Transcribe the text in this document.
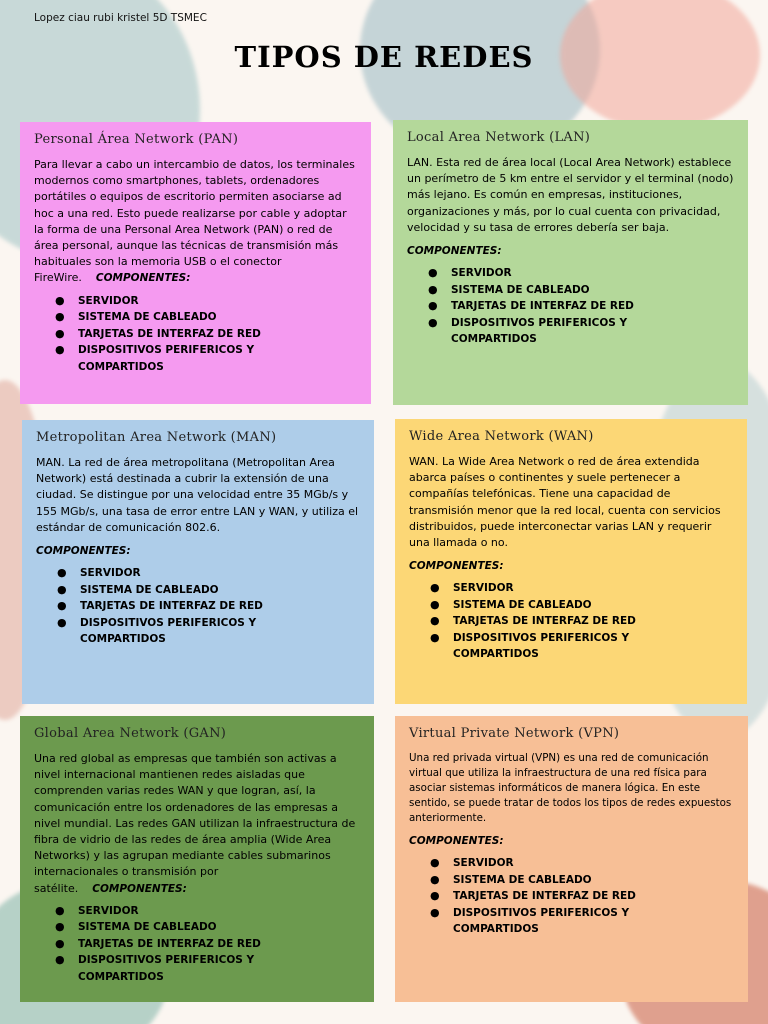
Lopez ciau rubi kristel 5D TSMEC
TIPOS DE REDES
Personal Área Network (PAN)

Para llevar a cabo un intercambio de datos, los terminales modernos como smartphones, tablets, ordenadores portátiles o equipos de escritorio permiten asociarse ad hoc a una red. Esto puede realizarse por cable y adoptar la forma de una Personal Area Network (PAN) o red de área personal, aunque las técnicas de transmisión más habituales son la memoria USB o el conector FireWire. COMPONENTES:

● SERVIDOR
● SISTEMA DE CABLEADO
● TARJETAS DE INTERFAZ DE RED
● DISPOSITIVOS PERIFERICOS Y COMPARTIDOS
Local Area Network (LAN)

LAN. Esta red de área local (Local Area Network) establece un perímetro de 5 km entre el servidor y el terminal (nodo) más lejano. Es común en empresas, instituciones, organizaciones y más, por lo cual cuenta con privacidad, velocidad y su tasa de errores debería ser baja.

COMPONENTES:
● SERVIDOR
● SISTEMA DE CABLEADO
● TARJETAS DE INTERFAZ DE RED
● DISPOSITIVOS PERIFERICOS Y COMPARTIDOS
Metropolitan Area Network (MAN)

MAN. La red de área metropolitana (Metropolitan Area Network) está destinada a cubrir la extensión de una ciudad. Se distingue por una velocidad entre 35 MGb/s y 155 MGb/s, una tasa de error entre LAN y WAN, y utiliza el estándar de comunicación 802.6.

COMPONENTES:
● SERVIDOR
● SISTEMA DE CABLEADO
● TARJETAS DE INTERFAZ DE RED
● DISPOSITIVOS PERIFERICOS Y COMPARTIDOS
Wide Area Network (WAN)

WAN. La Wide Area Network o red de área extendida abarca países o continentes y suele pertenecer a compañías telefónicas. Tiene una capacidad de transmisión menor que la red local, cuenta con servicios distribuidos, puede interconectar varias LAN y requerir una llamada o no.

COMPONENTES:
● SERVIDOR
● SISTEMA DE CABLEADO
● TARJETAS DE INTERFAZ DE RED
● DISPOSITIVOS PERIFERICOS Y COMPARTIDOS
Global Area Network (GAN)

Una red global as empresas que también son activas a nivel internacional mantienen redes aisladas que comprenden varias redes WAN y que logran, así, la comunicación entre los ordenadores de las empresas a nivel mundial. Las redes GAN utilizan la infraestructura de fibra de vidrio de las redes de área amplia (Wide Area Networks) y las agrupan mediante cables submarinos internacionales o transmisión por satélite. COMPONENTES:

● SERVIDOR
● SISTEMA DE CABLEADO
● TARJETAS DE INTERFAZ DE RED
● DISPOSITIVOS PERIFERICOS Y COMPARTIDOS
Virtual Private Network (VPN)

Una red privada virtual (VPN) es una red de comunicación virtual que utiliza la infraestructura de una red física para asociar sistemas informáticos de manera lógica. En este sentido, se puede tratar de todos los tipos de redes expuestos anteriormente.

COMPONENTES:
● SERVIDOR
● SISTEMA DE CABLEADO
● TARJETAS DE INTERFAZ DE RED
● DISPOSITIVOS PERIFERICOS Y COMPARTIDOS
